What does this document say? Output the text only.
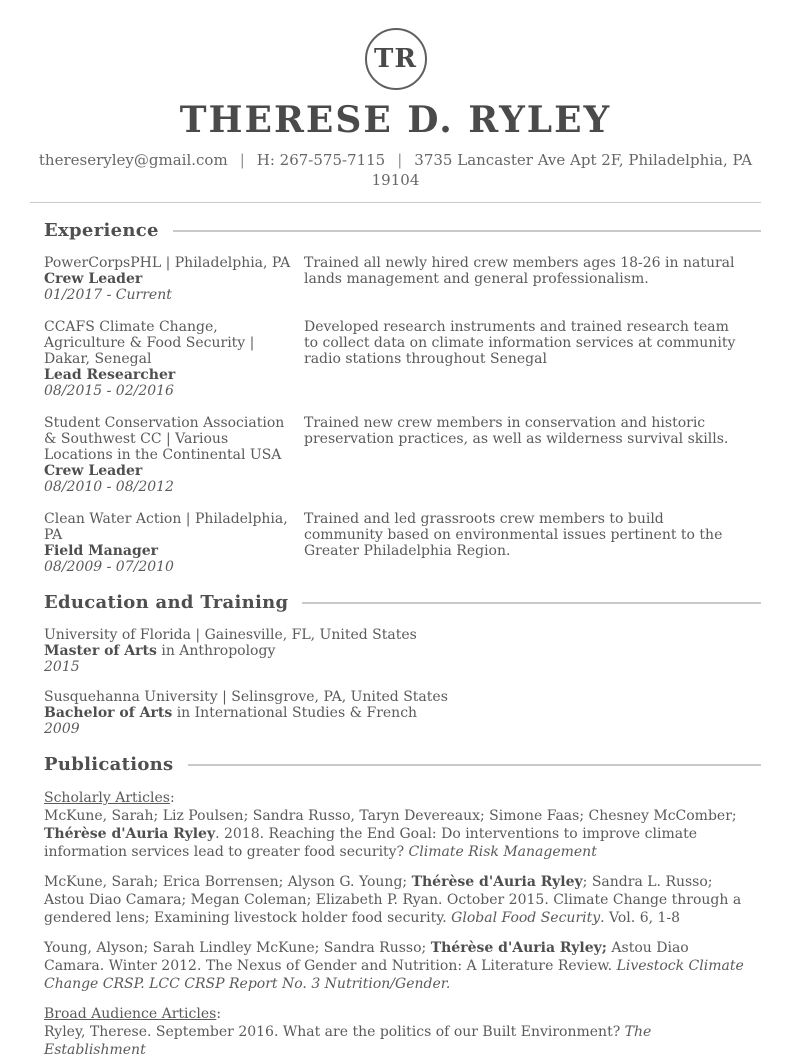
TR
THERESE D. RYLEY
thereseryley@gmail.com | H: 267-575-7115 | 3735 Lancaster Ave Apt 2F, Philadelphia, PA 19104
Experience
PowerCorpsPHL | Philadelphia, PA
Crew Leader
01/2017 - Current
Trained all newly hired crew members ages 18-26 in natural lands management and general professionalism.
CCAFS Climate Change, Agriculture & Food Security | Dakar, Senegal
Lead Researcher
08/2015 - 02/2016
Developed research instruments and trained research team to collect data on climate information services at community radio stations throughout Senegal
Student Conservation Association & Southwest CC | Various Locations in the Continental USA
Crew Leader
08/2010 - 08/2012
Trained new crew members in conservation and historic preservation practices, as well as wilderness survival skills.
Clean Water Action | Philadelphia, PA
Field Manager
08/2009 - 07/2010
Trained and led grassroots crew members to build community based on environmental issues pertinent to the Greater Philadelphia Region.
Education and Training
University of Florida | Gainesville, FL, United States
Master of Arts in Anthropology
2015
Susquehanna University | Selinsgrove, PA, United States
Bachelor of Arts in International Studies & French
2009
Publications
Scholarly Articles:
McKune, Sarah; Liz Poulsen; Sandra Russo, Taryn Devereaux; Simone Faas; Chesney McComber; Thérèse d'Auria Ryley. 2018. Reaching the End Goal: Do interventions to improve climate information services lead to greater food security? Climate Risk Management
McKune, Sarah; Erica Borrensen; Alyson G. Young; Thérèse d'Auria Ryley; Sandra L. Russo; Astou Diao Camara; Megan Coleman; Elizabeth P. Ryan. October 2015. Climate Change through a gendered lens; Examining livestock holder food security. Global Food Security. Vol. 6, 1-8
Young, Alyson; Sarah Lindley McKune; Sandra Russo; Thérèse d'Auria Ryley; Astou Diao Camara. Winter 2012. The Nexus of Gender and Nutrition: A Literature Review. Livestock Climate Change CRSP. LCC CRSP Report No. 3 Nutrition/Gender.
Broad Audience Articles:
Ryley, Therese. September 2016. What are the politics of our Built Environment? The Establishment
